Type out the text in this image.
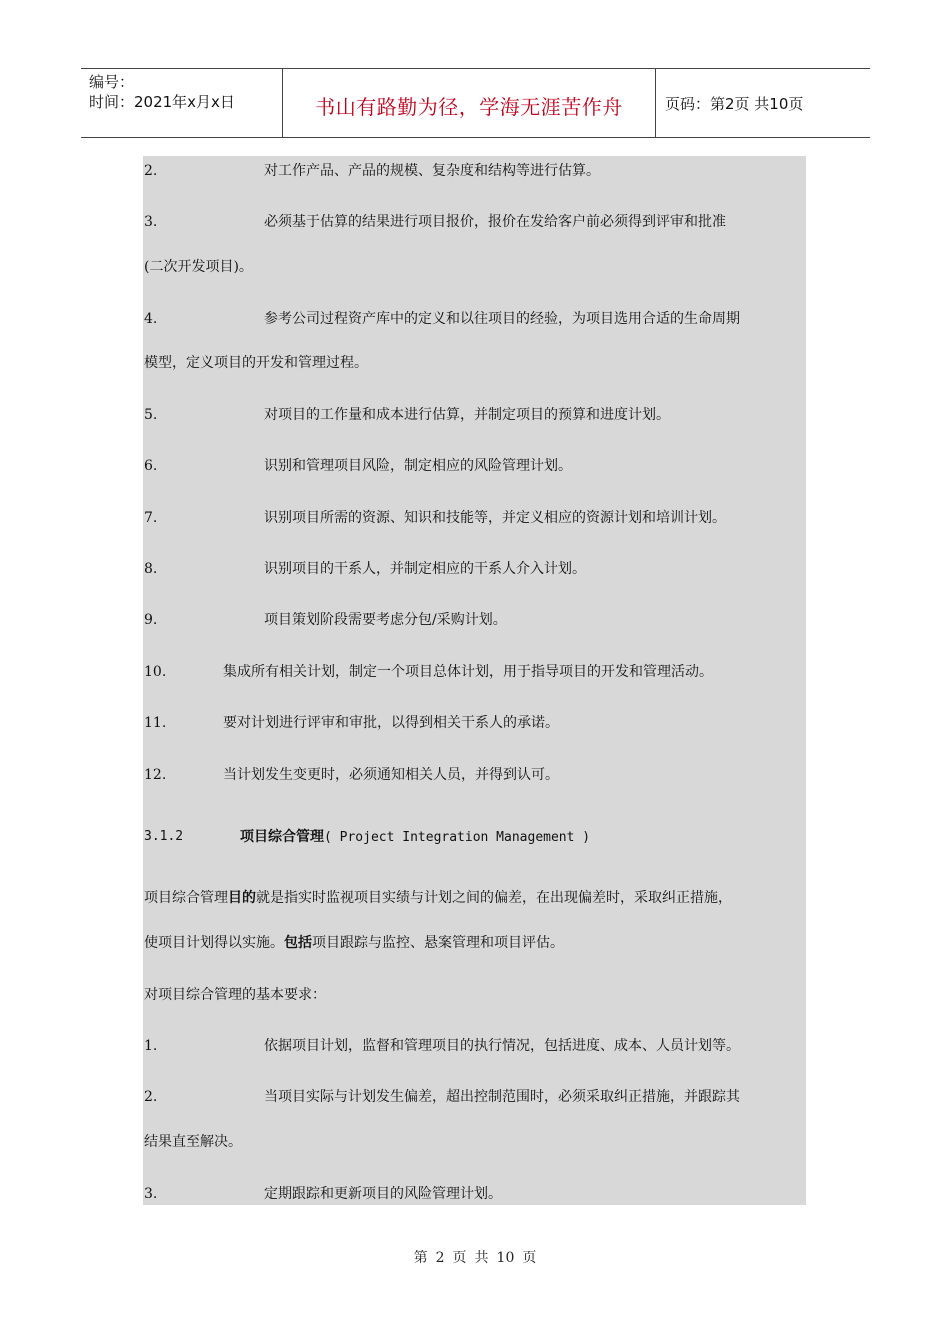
编号：
时间：2021年x月x日	书山有路勤为径，学海无涯苦作舟	页码：第2页 共10页
2.	对工作产品、产品的规模、复杂度和结构等进行估算。
3.	必须基于估算的结果进行项目报价，报价在发给客户前必须得到评审和批准
(二次开发项目)。
4.	参考公司过程资产库中的定义和以往项目的经验，为项目选用合适的生命周期
模型，定义项目的开发和管理过程。
5.	对项目的工作量和成本进行估算，并制定项目的预算和进度计划。
6.	识别和管理项目风险，制定相应的风险管理计划。
7.	识别项目所需的资源、知识和技能等，并定义相应的资源计划和培训计划。
8.	识别项目的干系人，并制定相应的干系人介入计划。
9.	项目策划阶段需要考虑分包/采购计划。
10.	集成所有相关计划，制定一个项目总体计划，用于指导项目的开发和管理活动。
11.	要对计划进行评审和审批，以得到相关干系人的承诺。
12.	当计划发生变更时，必须通知相关人员，并得到认可。
3.1.2	项目综合管理( Project Integration Management )
项目综合管理目的就是指实时监视项目实绩与计划之间的偏差，在出现偏差时，采取纠正措施，
使项目计划得以实施。包括项目跟踪与监控、悬案管理和项目评估。
对项目综合管理的基本要求：
1.	依据项目计划，监督和管理项目的执行情况，包括进度、成本、人员计划等。
2.	当项目实际与计划发生偏差，超出控制范围时，必须采取纠正措施，并跟踪其
结果直至解决。
3.	定期跟踪和更新项目的风险管理计划。
第 2 页 共 10 页
